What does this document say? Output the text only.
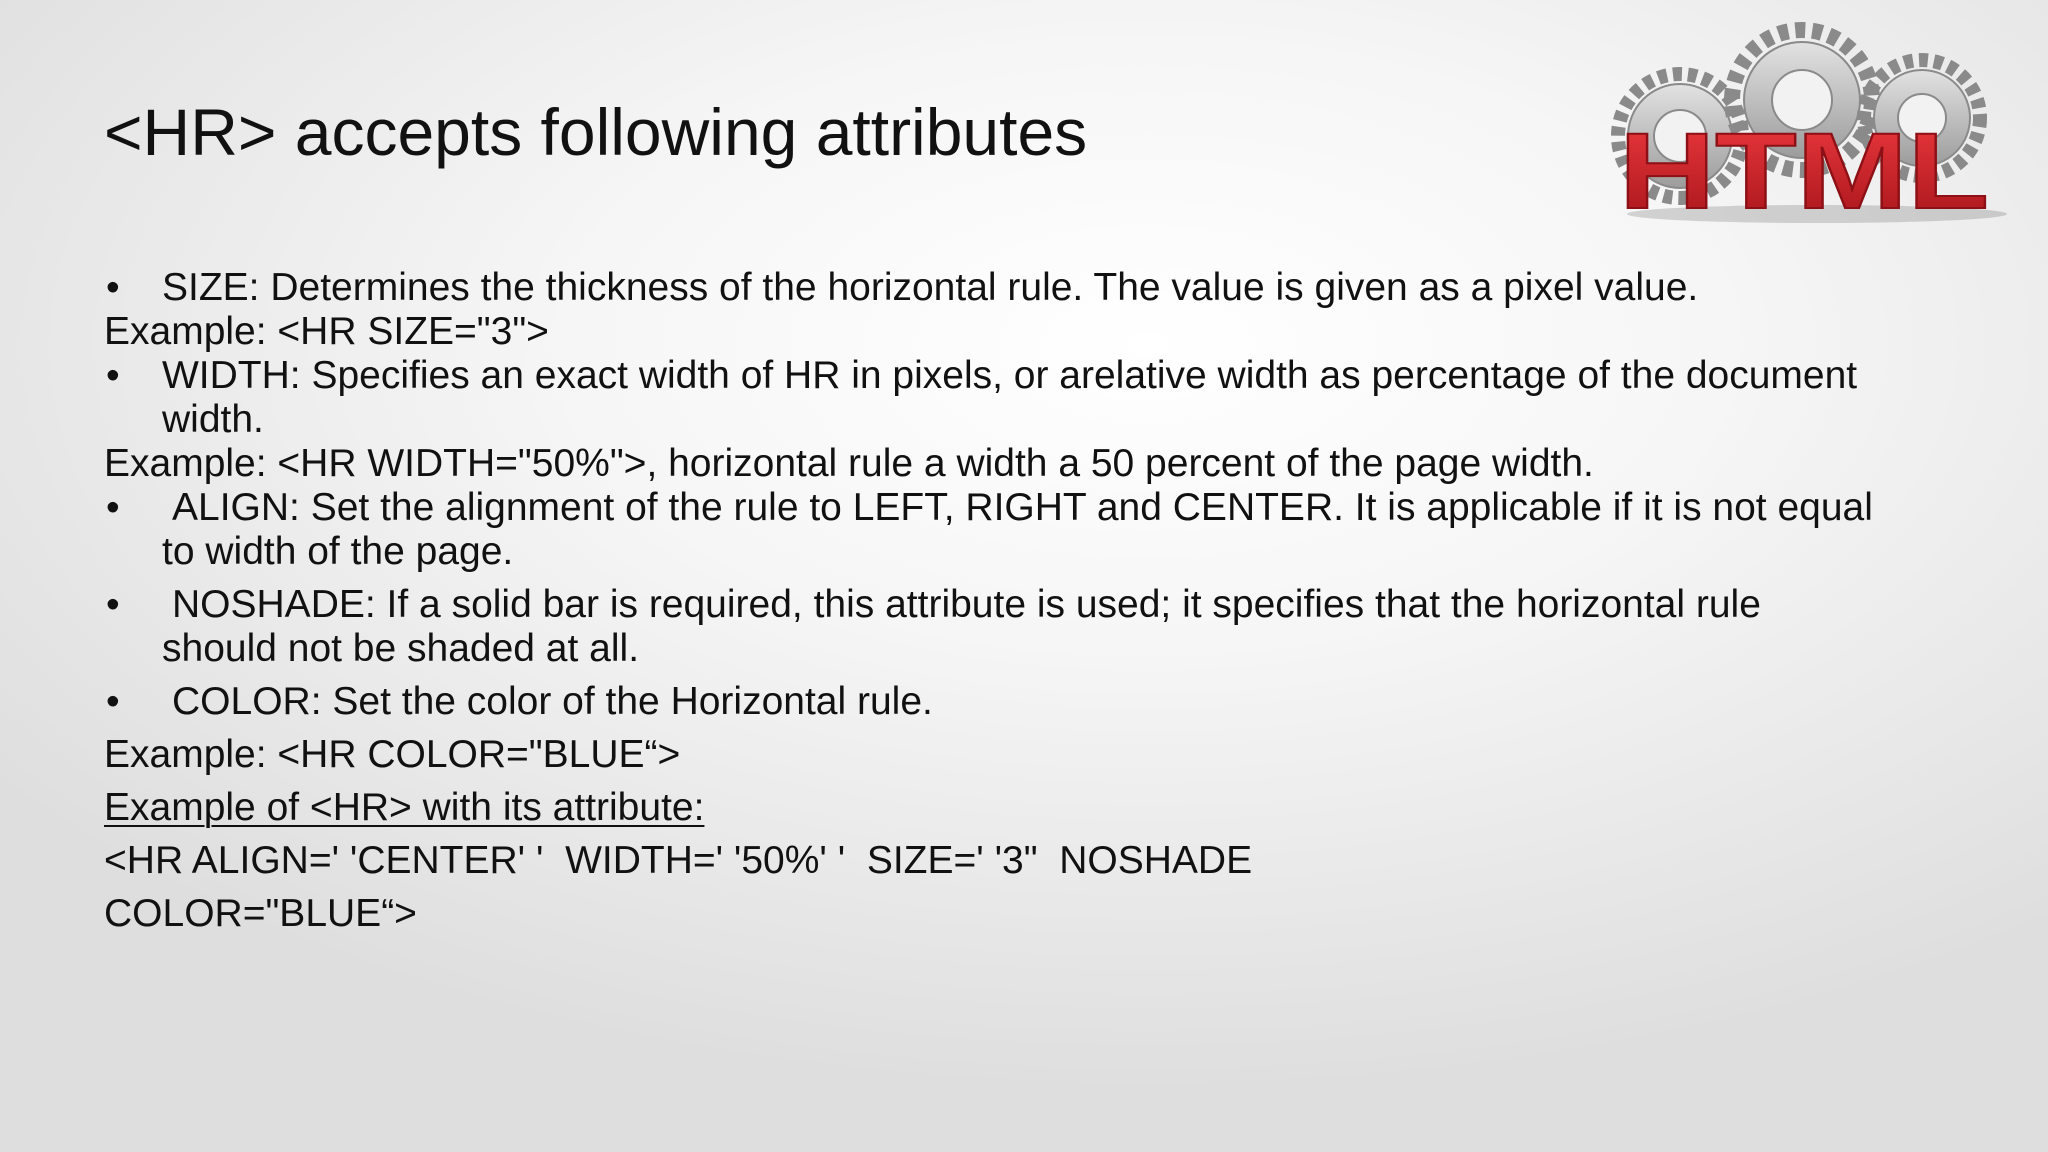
<HR> accepts following attributes	HTML
•	SIZE: Determines the thickness of the horizontal rule. The value is given as a pixel value.
Example: <HR SIZE="3">
•	WIDTH: Specifies an exact width of HR in pixels, or arelative width as percentage of the document
width.
Example: <HR WIDTH="50%">, horizontal rule a width a 50 percent of the page width.
•	ALIGN: Set the alignment of the rule to LEFT, RIGHT and CENTER. It is applicable if it is not equal
to width of the page.
•	NOSHADE: If a solid bar is required, this attribute is used; it specifies that the horizontal rule
should not be shaded at all.
•	COLOR: Set the color of the Horizontal rule.
Example: <HR COLOR="BLUE“>
Example of <HR> with its attribute:
<HR ALIGN=' 'CENTER' '  WIDTH=' '50%' '  SIZE=' '3"  NOSHADE
COLOR="BLUE“>
